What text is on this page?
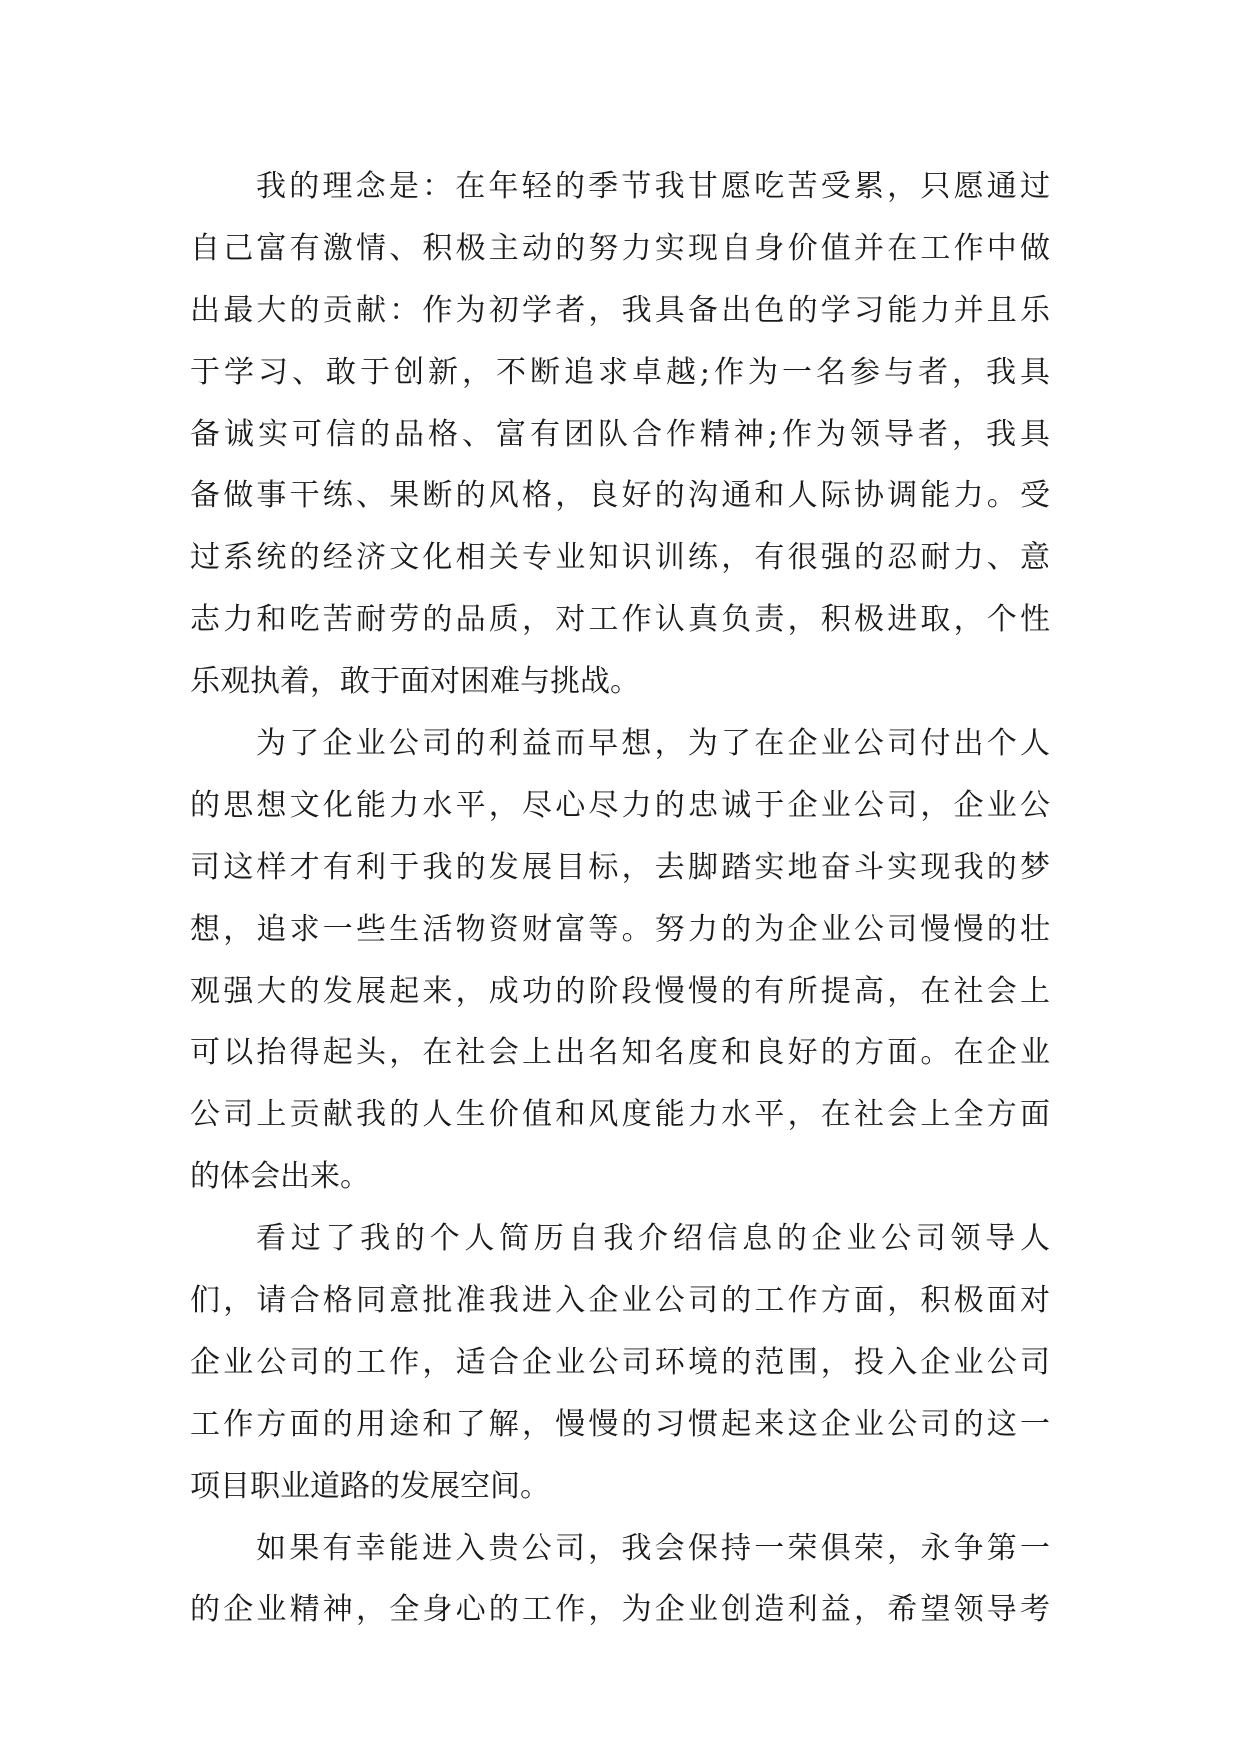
我的理念是：在年轻的季节我甘愿吃苦受累，只愿通过
自己富有激情、积极主动的努力实现自身价值并在工作中做
出最大的贡献：作为初学者，我具备出色的学习能力并且乐
于学习、敢于创新，不断追求卓越;作为一名参与者，我具
备诚实可信的品格、富有团队合作精神;作为领导者，我具
备做事干练、果断的风格，良好的沟通和人际协调能力。受
过系统的经济文化相关专业知识训练，有很强的忍耐力、意
志力和吃苦耐劳的品质，对工作认真负责，积极进取，个性
乐观执着，敢于面对困难与挑战。
为了企业公司的利益而早想，为了在企业公司付出个人
的思想文化能力水平，尽心尽力的忠诚于企业公司，企业公
司这样才有利于我的发展目标，去脚踏实地奋斗实现我的梦
想，追求一些生活物资财富等。努力的为企业公司慢慢的壮
观强大的发展起来，成功的阶段慢慢的有所提高，在社会上
可以抬得起头，在社会上出名知名度和良好的方面。在企业
公司上贡献我的人生价值和风度能力水平，在社会上全方面
的体会出来。
看过了我的个人简历自我介绍信息的企业公司领导人
们，请合格同意批准我进入企业公司的工作方面，积极面对
企业公司的工作，适合企业公司环境的范围，投入企业公司
工作方面的用途和了解，慢慢的习惯起来这企业公司的这一
项目职业道路的发展空间。
如果有幸能进入贵公司，我会保持一荣俱荣，永争第一
的企业精神，全身心的工作，为企业创造利益，希望领导考
